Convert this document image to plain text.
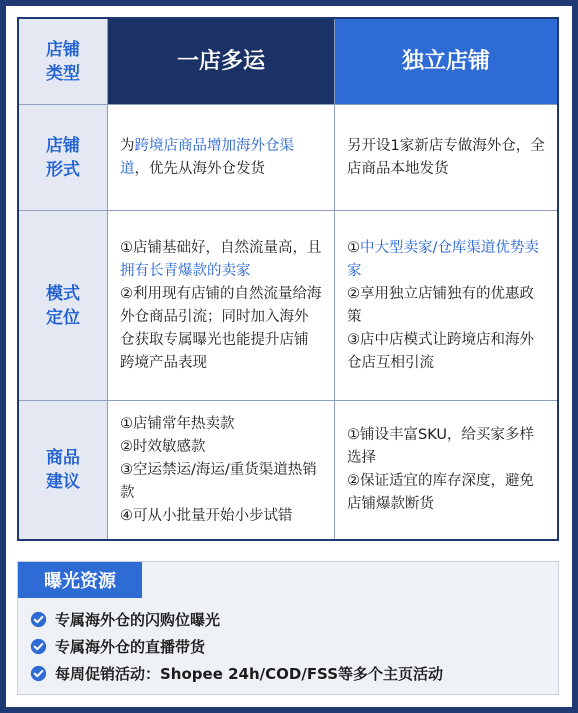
店铺类型	一店多运	独立店铺
店铺形式
为跨境店商品增加海外仓渠道，优先从海外仓发货
另开设1家新店专做海外仓，全店商品本地发货
模式定位
①店铺基础好，自然流量高，且拥有长青爆款的卖家
②利用现有店铺的自然流量给海外仓商品引流；同时加入海外仓获取专属曝光也能提升店铺跨境产品表现
①中大型卖家/仓库渠道优势卖家
②享用独立店铺独有的优惠政策
③店中店模式让跨境店和海外仓店互相引流
商品建议
①店铺常年热卖款
②时效敏感款
③空运禁运/海运/重货渠道热销款
④可从小批量开始小步试错
①铺设丰富SKU，给买家多样选择
②保证适宜的库存深度，避免店铺爆款断货
曝光资源
专属海外仓的闪购位曝光
专属海外仓的直播带货
每周促销活动：Shopee 24h/COD/FSS等多个主页活动
